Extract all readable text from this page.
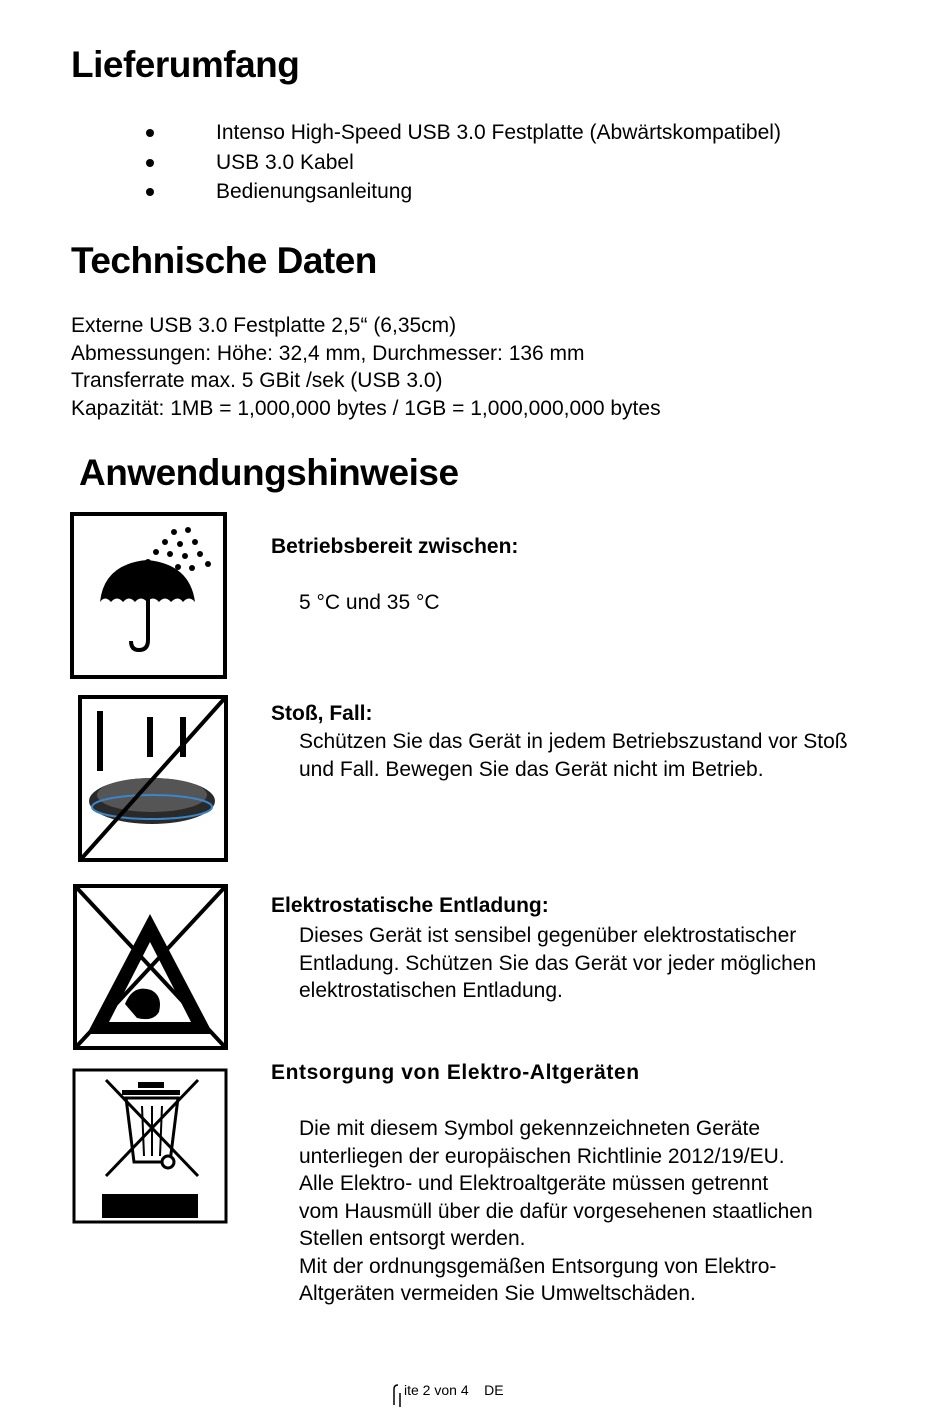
Lieferumfang
Intenso High-Speed USB 3.0 Festplatte (Abwärtskompatibel)
USB 3.0 Kabel
Bedienungsanleitung
Technische Daten
Externe USB 3.0 Festplatte 2,5“ (6,35cm)
Abmessungen: Höhe: 32,4 mm, Durchmesser: 136 mm
Transferrate max. 5 GBit /sek (USB 3.0)
Kapazität: 1MB = 1,000,000 bytes / 1GB = 1,000,000,000 bytes
Anwendungshinweise
Betriebsbereit zwischen:
5 °C und 35 °C
Stoß, Fall:
Schützen Sie das Gerät in jedem Betriebszustand vor Stoß
und Fall. Bewegen Sie das Gerät nicht im Betrieb.
Elektrostatische Entladung:
Dieses Gerät ist sensibel gegenüber elektrostatischer
Entladung. Schützen Sie das Gerät vor jeder möglichen
elektrostatischen Entladung.
Entsorgung von Elektro-Altgeräten
Die mit diesem Symbol gekennzeichneten Geräte
unterliegen der europäischen Richtlinie 2012/19/EU.
Alle Elektro- und Elektroaltgeräte müssen getrennt
vom Hausmüll über die dafür vorgesehenen staatlichen
Stellen entsorgt werden.
Mit der ordnungsgemäßen Entsorgung von Elektro-
Altgeräten vermeiden Sie Umweltschäden.
ite 2 von 4 DE
